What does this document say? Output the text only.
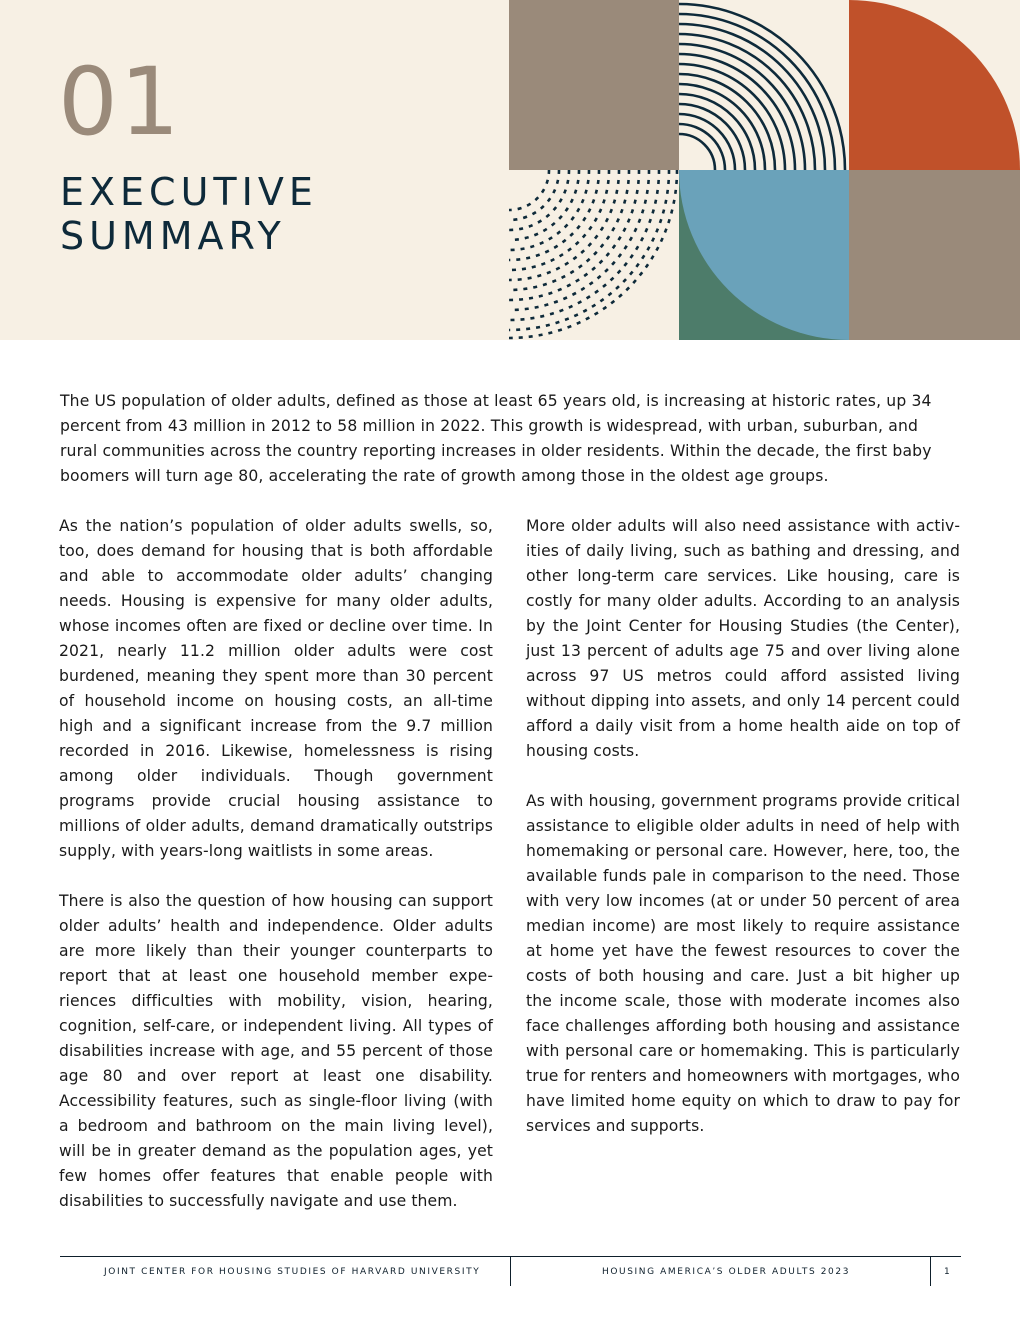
01
EXECUTIVE
SUMMARY

The US population of older adults, defined as those at least 65 years old, is increasing at historic rates, up 34 percent from 43 million in 2012 to 58 million in 2022. This growth is widespread, with urban, suburban, and rural communities across the country reporting increases in older residents. Within the decade, the first baby boomers will turn age 80, accelerating the rate of growth among those in the oldest age groups.

As the nation’s population of older adults swells, so, too, does demand for housing that is both affordable and able to accommodate older adults’ changing needs. Housing is expensive for many older adults, whose incomes often are fixed or decline over time. In 2021, nearly 11.2 million older adults were cost burdened, meaning they spent more than 30 percent of household income on housing costs, an all-time high and a significant increase from the 9.7 million recorded in 2016. Likewise, homelessness is rising among older individuals. Though government programs provide crucial housing assistance to millions of older adults, demand dramatically outstrips supply, with years-long waitlists in some areas.

There is also the question of how housing can support older adults’ health and independence. Older adults are more likely than their younger counterparts to report that at least one household member experiences difficulties with mobility, vision, hearing, cognition, self-care, or independent living. All types of disabilities increase with age, and 55 percent of those age 80 and over report at least one disability. Accessibility features, such as single-floor living (with a bedroom and bathroom on the main living level), will be in greater demand as the population ages, yet few homes offer features that enable people with disabilities to successfully navigate and use them.

More older adults will also need assistance with activities of daily living, such as bathing and dressing, and other long-term care services. Like housing, care is costly for many older adults. According to an analysis by the Joint Center for Housing Studies (the Center), just 13 percent of adults age 75 and over living alone across 97 US metros could afford assisted living without dipping into assets, and only 14 percent could afford a daily visit from a home health aide on top of housing costs.

As with housing, government programs provide critical assistance to eligible older adults in need of help with homemaking or personal care. However, here, too, the available funds pale in comparison to the need. Those with very low incomes (at or under 50 percent of area median income) are most likely to require assistance at home yet have the fewest resources to cover the costs of both housing and care. Just a bit higher up the income scale, those with moderate incomes also face challenges affording both housing and assistance with personal care or homemaking. This is particularly true for renters and homeowners with mortgages, who have limited home equity on which to draw to pay for services and supports.

JOINT CENTER FOR HOUSING STUDIES OF HARVARD UNIVERSITY	HOUSING AMERICA’S OLDER ADULTS 2023	1
